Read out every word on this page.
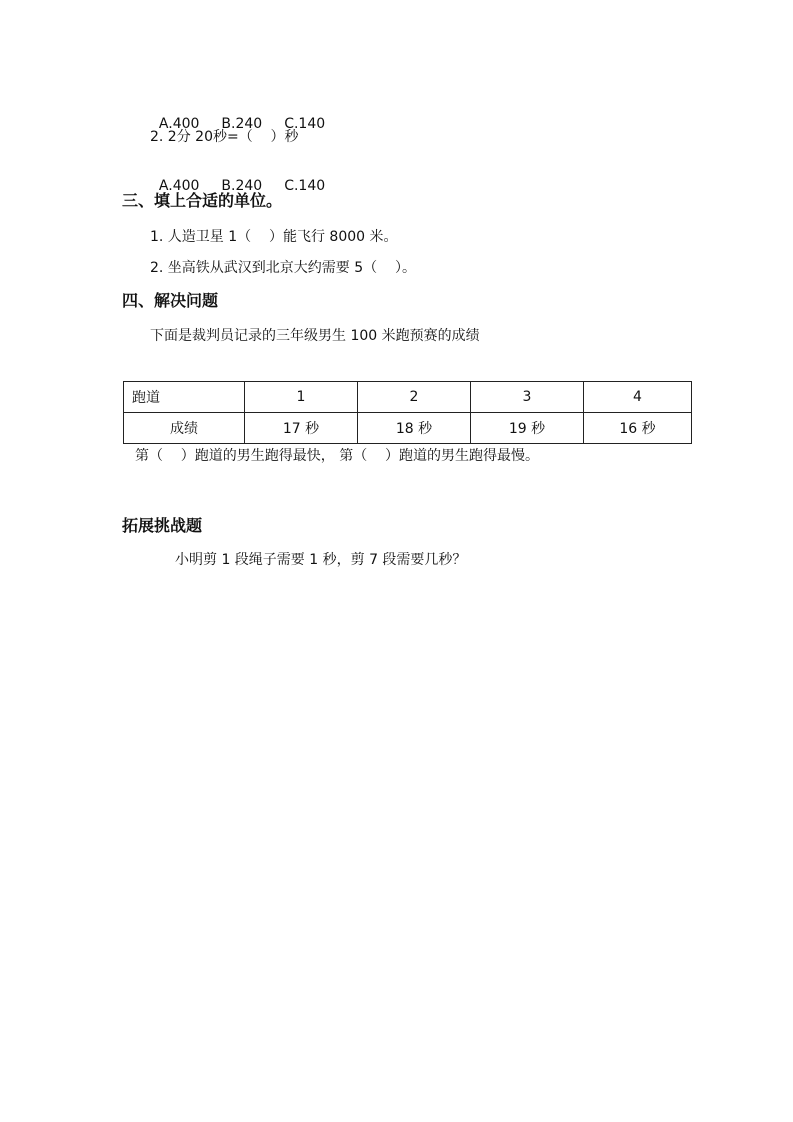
A.400 B.240 C.140

2. 2分 20秒=（    ）秒

A.400 B.240 C.140

三、填上合适的单位。
1. 人造卫星 1（    ）能飞行 8000 米。
2. 坐高铁从武汉到北京大约需要 5（    ）。
四、解决问题
下面是裁判员记录的三年级男生 100 米跑预赛的成绩
跑道	1	2	3	4
成绩	17 秒	18 秒	19 秒	16 秒
第（    ）跑道的男生跑得最快， 第（    ）跑道的男生跑得最慢。
拓展挑战题
小明剪 1 段绳子需要 1 秒，剪 7 段需要几秒？
